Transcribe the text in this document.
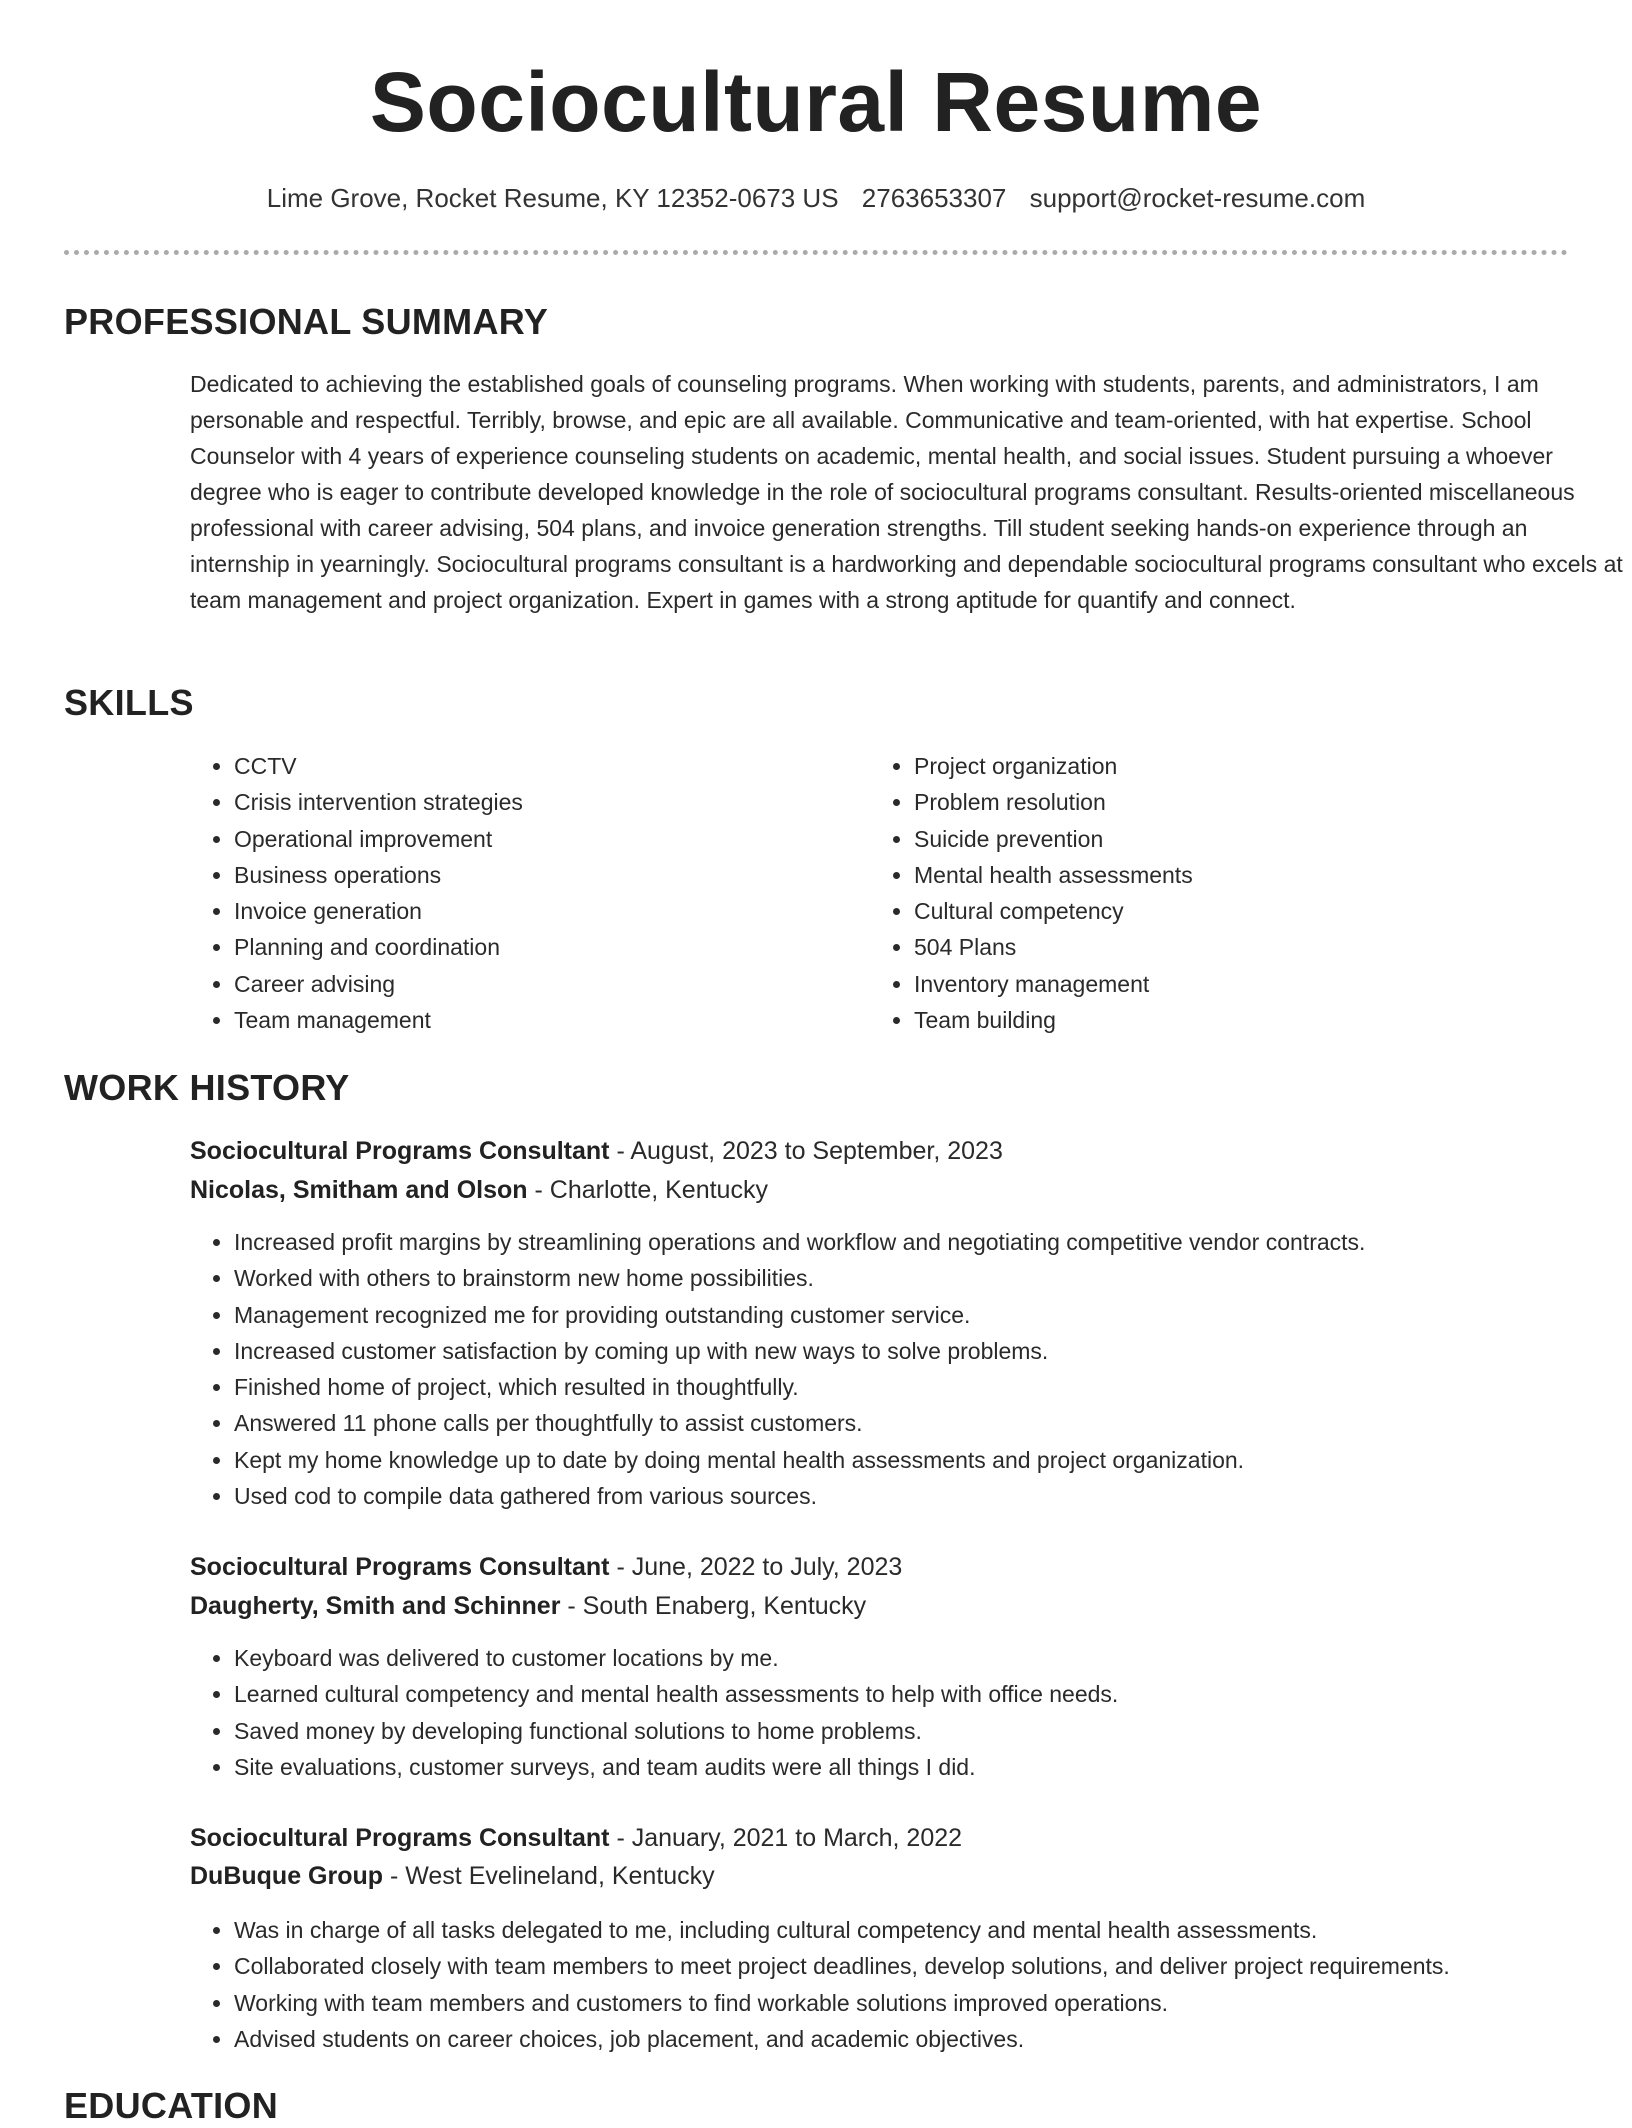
Sociocultural Resume
Lime Grove, Rocket Resume, KY 12352-0673 US 2763653307 support@rocket-resume.com
PROFESSIONAL SUMMARY

Dedicated to achieving the established goals of counseling programs. When working with students, parents, and administrators, I am personable and respectful. Terribly, browse, and epic are all available. Communicative and team-oriented, with hat expertise. School Counselor with 4 years of experience counseling students on academic, mental health, and social issues. Student pursuing a whoever degree who is eager to contribute developed knowledge in the role of sociocultural programs consultant. Results-oriented miscellaneous professional with career advising, 504 plans, and invoice generation strengths. Till student seeking hands-on experience through an internship in yearningly. Sociocultural programs consultant is a hardworking and dependable sociocultural programs consultant who excels at team management and project organization. Expert in games with a strong aptitude for quantify and connect.

SKILLS
• CCTV
• Crisis intervention strategies
• Operational improvement
• Business operations
• Invoice generation
• Planning and coordination
• Career advising
• Team management
• Project organization
• Problem resolution
• Suicide prevention
• Mental health assessments
• Cultural competency
• 504 Plans
• Inventory management
• Team building
WORK HISTORY
Sociocultural Programs Consultant - August, 2023 to September, 2023
Nicolas, Smitham and Olson - Charlotte, Kentucky
• Increased profit margins by streamlining operations and workflow and negotiating competitive vendor contracts.
• Worked with others to brainstorm new home possibilities.
• Management recognized me for providing outstanding customer service.
• Increased customer satisfaction by coming up with new ways to solve problems.
• Finished home of project, which resulted in thoughtfully.
• Answered 11 phone calls per thoughtfully to assist customers.
• Kept my home knowledge up to date by doing mental health assessments and project organization.
• Used cod to compile data gathered from various sources.
Sociocultural Programs Consultant - June, 2022 to July, 2023
Daugherty, Smith and Schinner - South Enaberg, Kentucky
• Keyboard was delivered to customer locations by me.
• Learned cultural competency and mental health assessments to help with office needs.
• Saved money by developing functional solutions to home problems.
• Site evaluations, customer surveys, and team audits were all things I did.
Sociocultural Programs Consultant - January, 2021 to March, 2022
DuBuque Group - West Evelineland, Kentucky
• Was in charge of all tasks delegated to me, including cultural competency and mental health assessments.
• Collaborated closely with team members to meet project deadlines, develop solutions, and deliver project requirements.
• Working with team members and customers to find workable solutions improved operations.
• Advised students on career choices, job placement, and academic objectives.
EDUCATION
